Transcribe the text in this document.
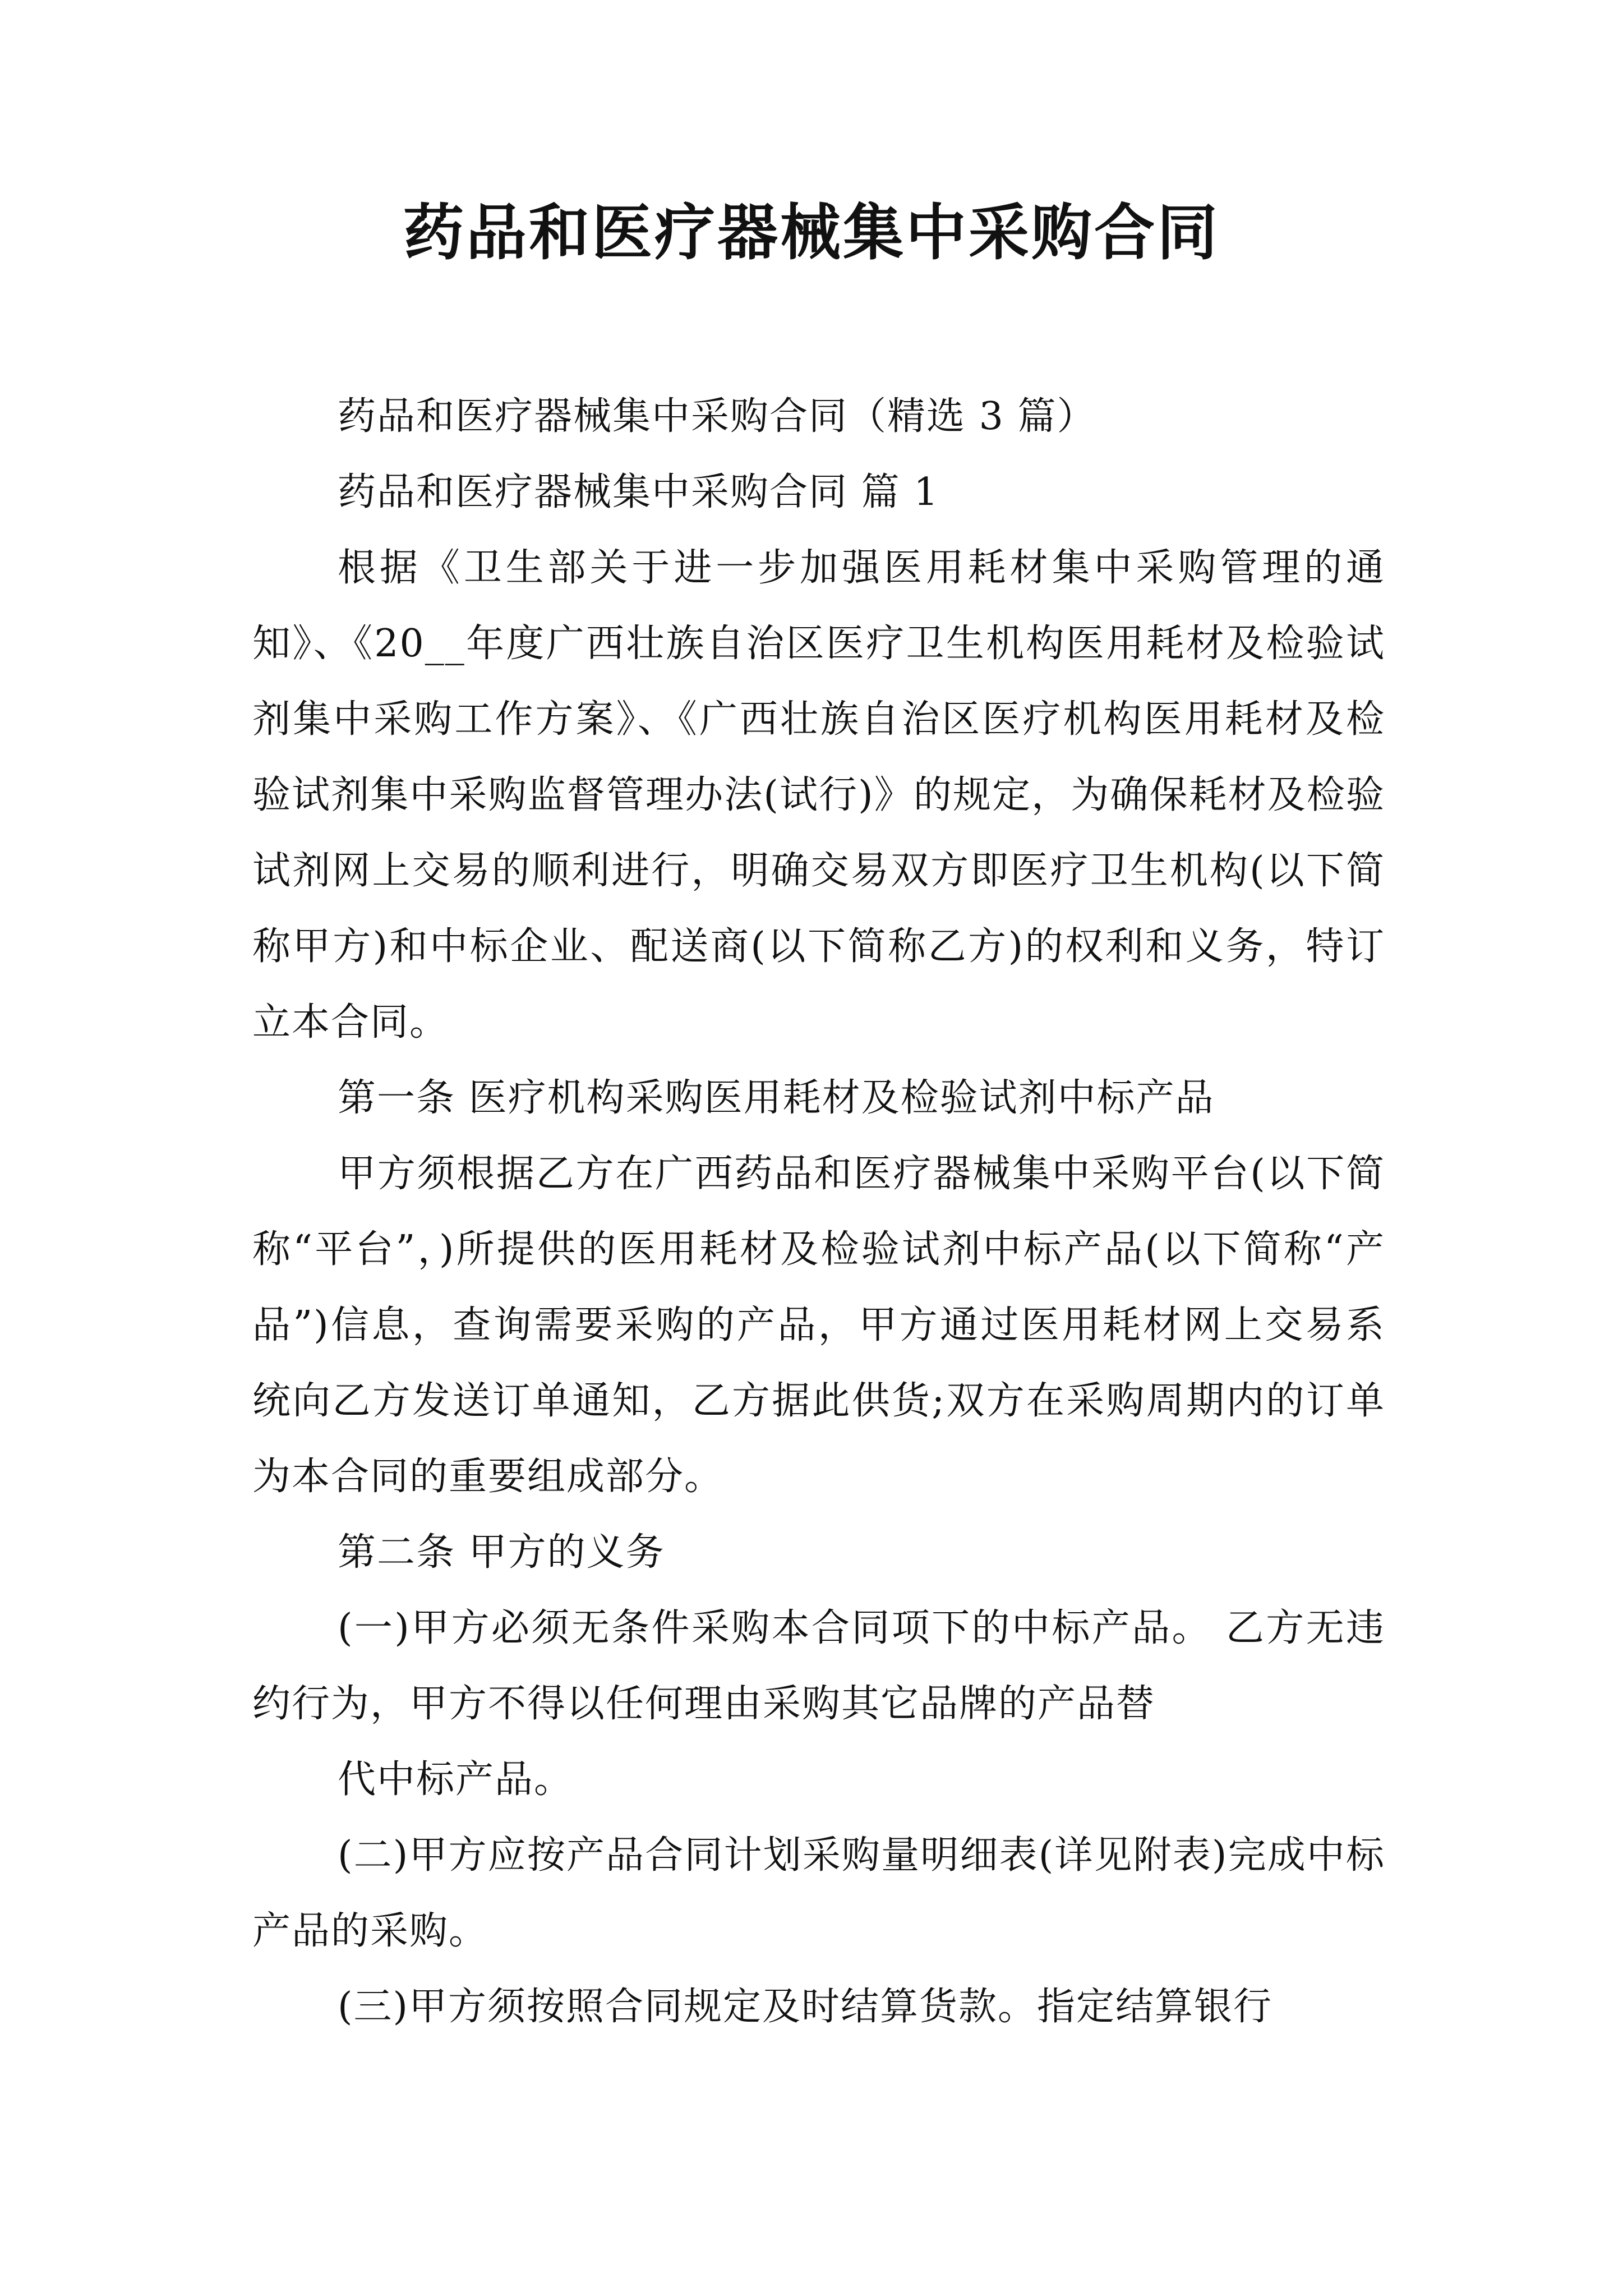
药品和医疗器械集中采购合同

药品和医疗器械集中采购合同（精选 3 篇）

药品和医疗器械集中采购合同 篇 1

根据《卫生部关于进一步加强医用耗材集中采购管理的通知》、《20__年度广西壮族自治区医疗卫生机构医用耗材及检验试剂集中采购工作方案》、《广西壮族自治区医疗机构医用耗材及检验试剂集中采购监督管理办法(试行)》的规定，为确保耗材及检验试剂网上交易的顺利进行，明确交易双方即医疗卫生机构(以下简称甲方)和中标企业、配送商(以下简称乙方)的权利和义务，特订立本合同。

第一条 医疗机构采购医用耗材及检验试剂中标产品

甲方须根据乙方在广西药品和医疗器械集中采购平台(以下简称“平台”，)所提供的医用耗材及检验试剂中标产品(以下简称“产品”)信息，查询需要采购的产品，甲方通过医用耗材网上交易系统向乙方发送订单通知，乙方据此供货;双方在采购周期内的订单为本合同的重要组成部分。

第二条 甲方的义务

(一)甲方必须无条件采购本合同项下的中标产品。 乙方无违约行为，甲方不得以任何理由采购其它品牌的产品替

代中标产品。

(二)甲方应按产品合同计划采购量明细表(详见附表)完成中标产品的采购。

(三)甲方须按照合同规定及时结算货款。指定结算银行
